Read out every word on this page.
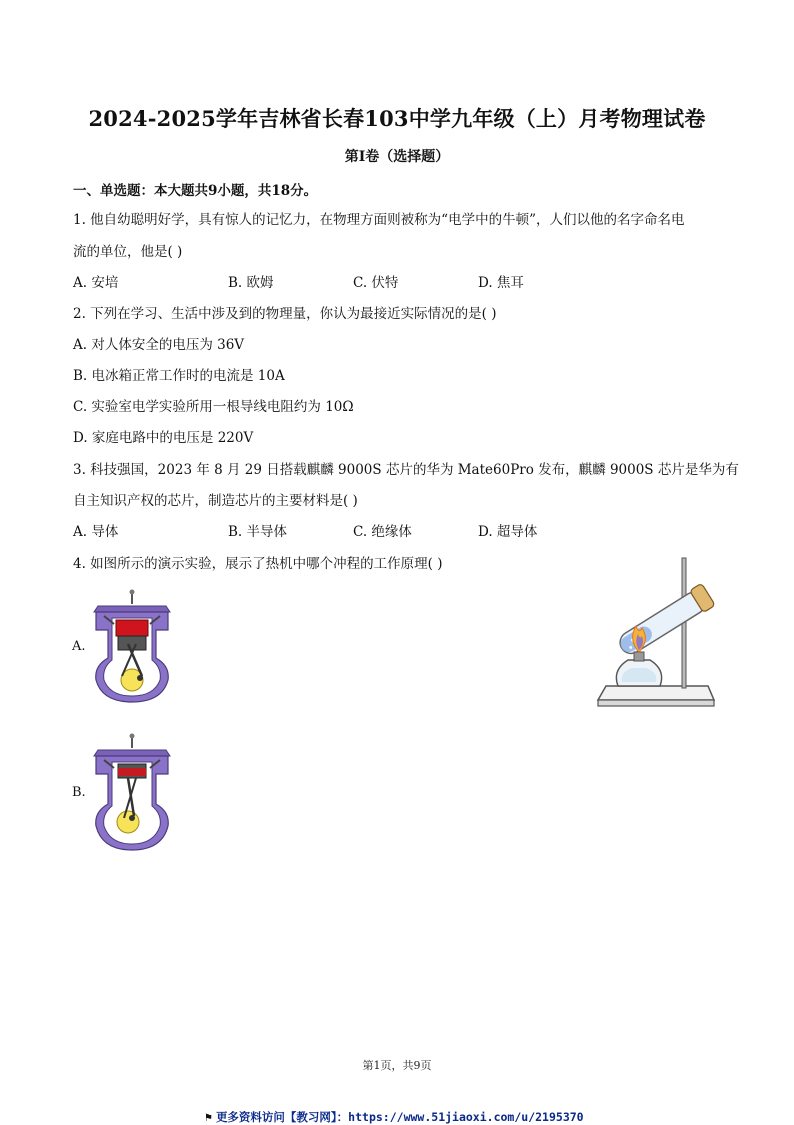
2024-2025学年吉林省长春103中学九年级（上）月考物理试卷
第I卷（选择题）
一、单选题：本大题共9小题，共18分。
1. 他自幼聪明好学，具有惊人的记忆力，在物理方面则被称为“电学中的牛顿”，人们以他的名字命名电
流的单位，他是( )
A. 安培	B. 欧姆	C. 伏特	D. 焦耳
2. 下列在学习、生活中涉及到的物理量，你认为最接近实际情况的是( )
A. 对人体安全的电压为 36V
B. 电冰箱正常工作时的电流是 10A
C. 实验室电学实验所用一根导线电阻约为 10Ω
D. 家庭电路中的电压是 220V
3. 科技强国，2023 年 8 月 29 日搭载麒麟 9000S 芯片的华为 Mate60Pro 发布，麒麟 9000S 芯片是华为有
自主知识产权的芯片，制造芯片的主要材料是( )
A. 导体	B. 半导体	C. 绝缘体	D. 超导体
4. 如图所示的演示实验，展示了热机中哪个冲程的工作原理( )
A.
B.
第1页，共9页
⚑ 更多资料访问【教习网】：https://www.51jiaoxi.com/u/2195370
